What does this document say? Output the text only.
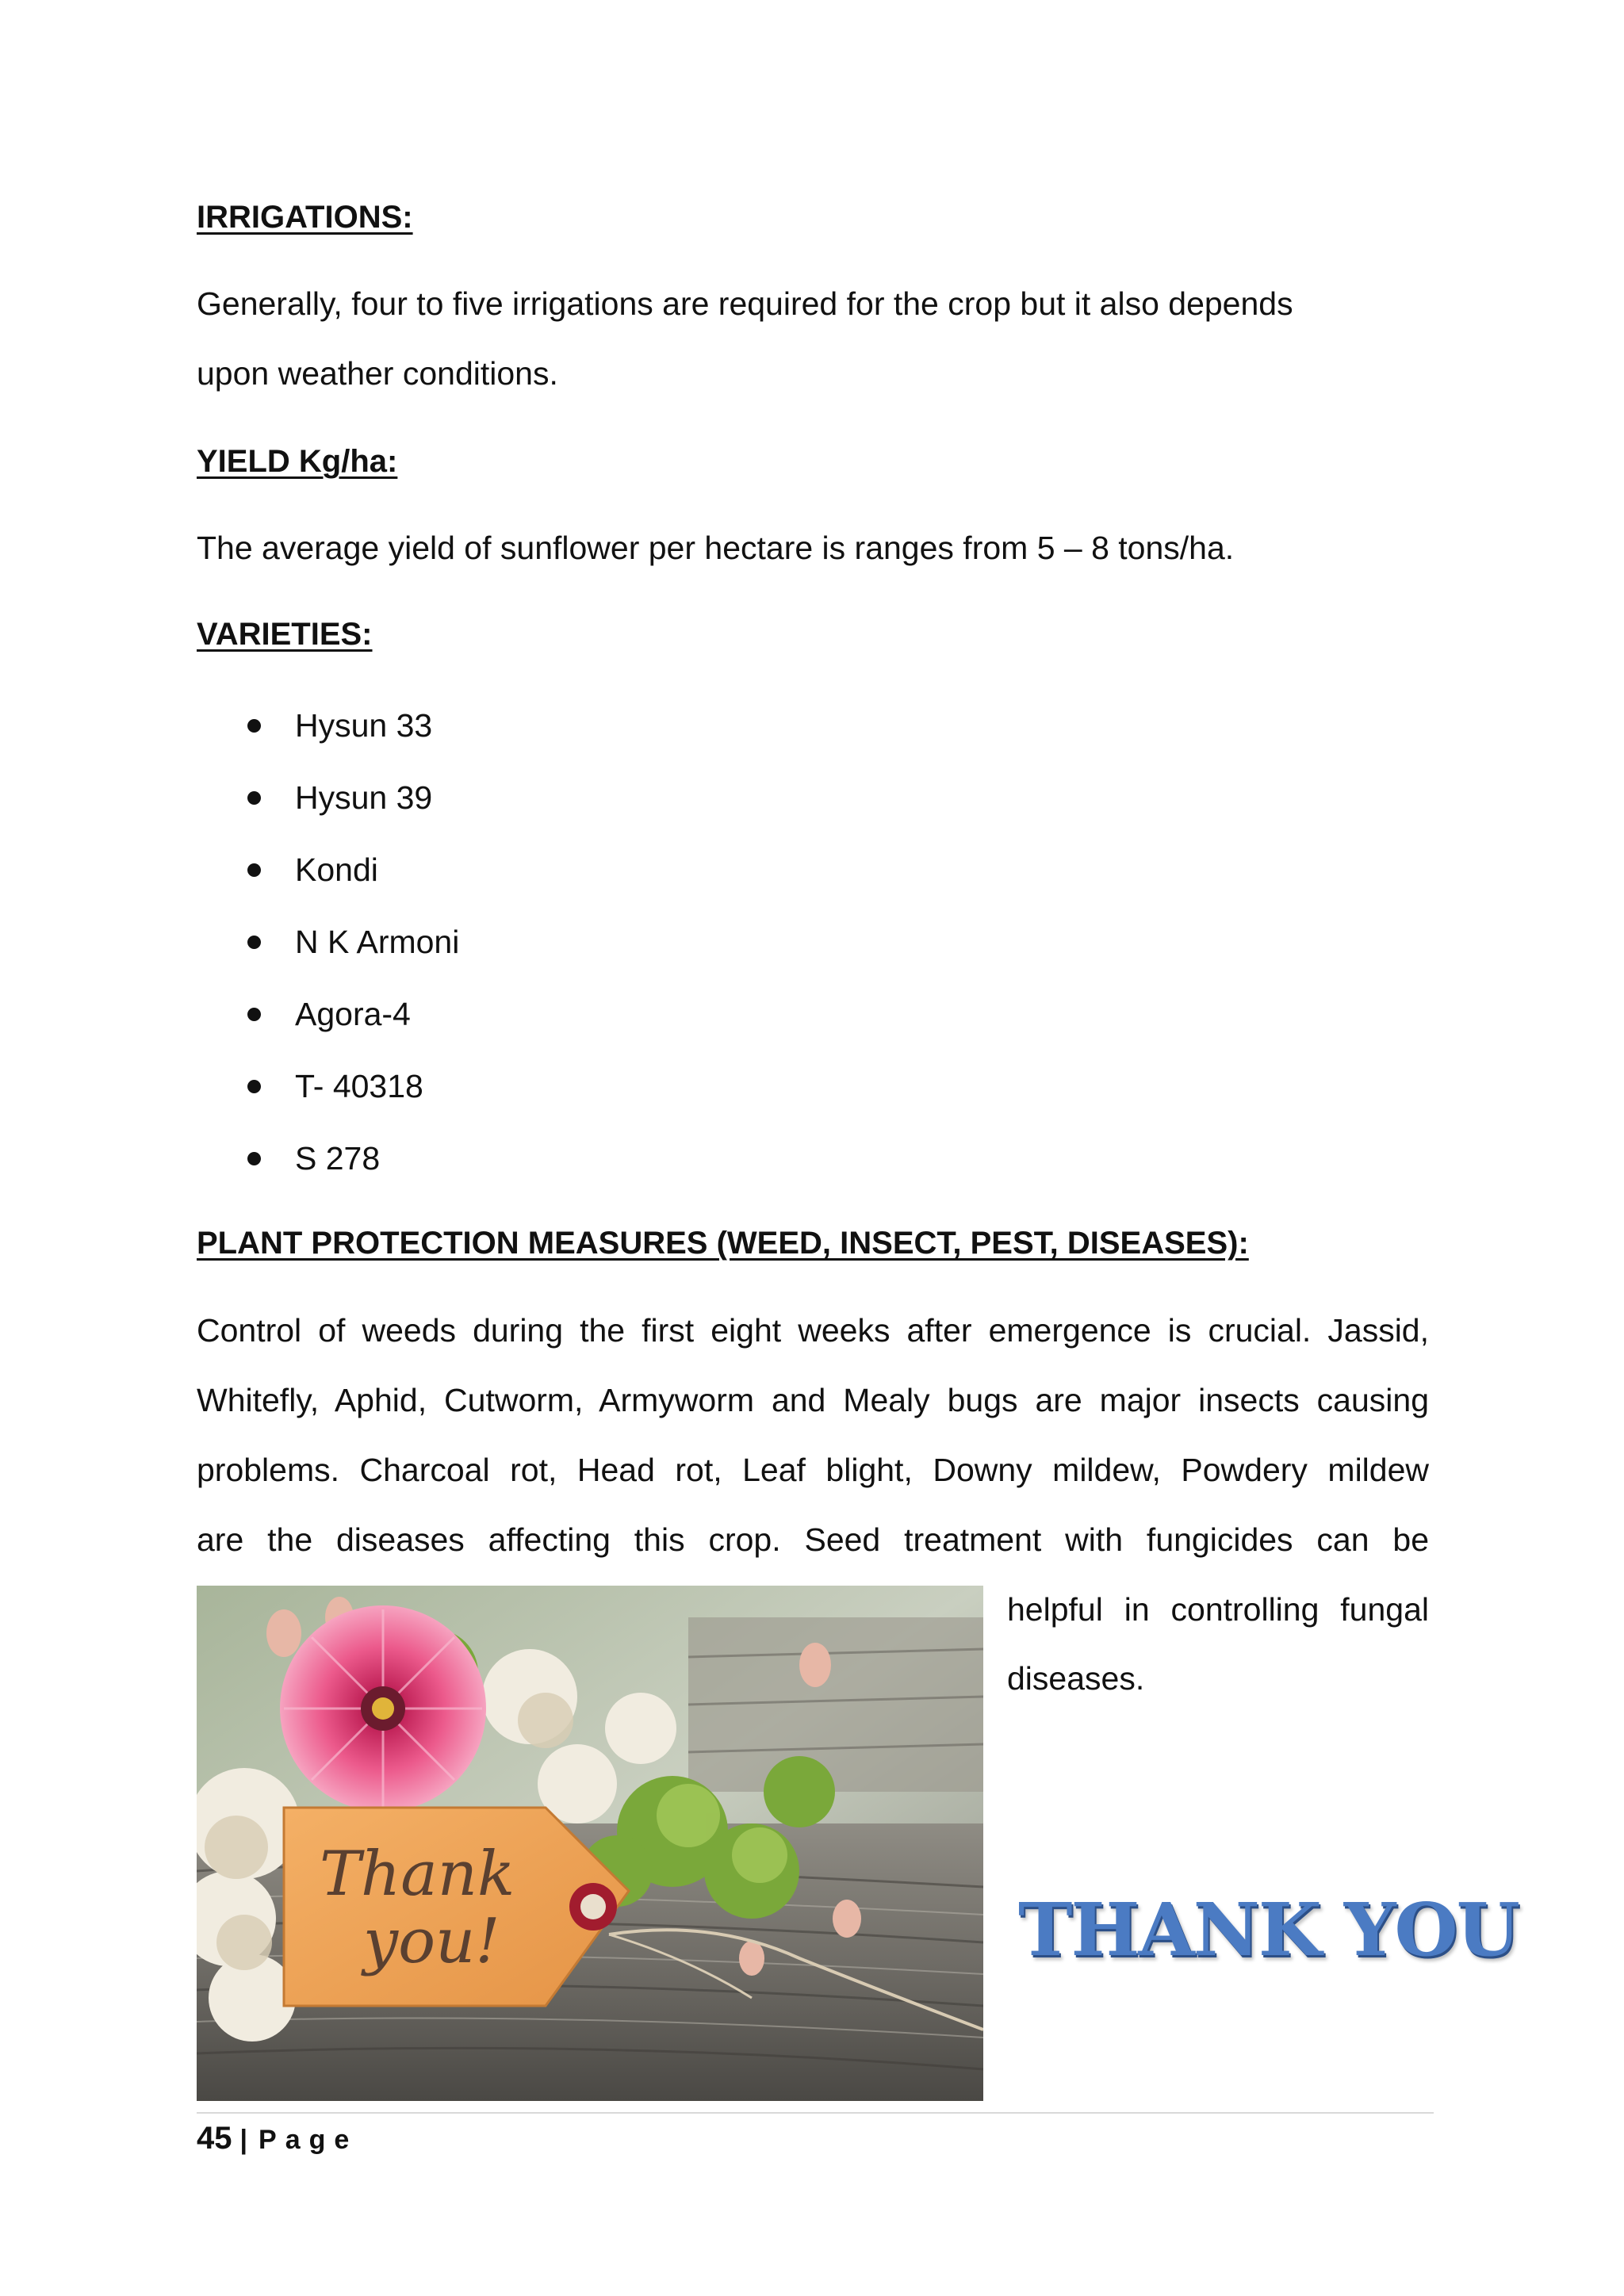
IRRIGATIONS:
Generally, four to five irrigations are required for the crop but it also depends
upon weather conditions.
YIELD Kg/ha:
The average yield of sunflower per hectare is ranges from 5 – 8 tons/ha.
VARIETIES:
Hysun 33
Hysun 39
Kondi
N K Armoni
Agora-4
T- 40318
S 278
PLANT PROTECTION MEASURES (WEED, INSECT, PEST, DISEASES):
Control of weeds during the first eight weeks after emergence is crucial. Jassid,
Whitefly, Aphid, Cutworm, Armyworm and Mealy bugs are major insects causing
problems. Charcoal rot, Head rot, Leaf blight, Downy mildew, Powdery mildew
are the diseases affecting this crop. Seed treatment with fungicides can be
helpful in controlling fungal
diseases.
Thank
you!	THANK YOU
45 | Page
